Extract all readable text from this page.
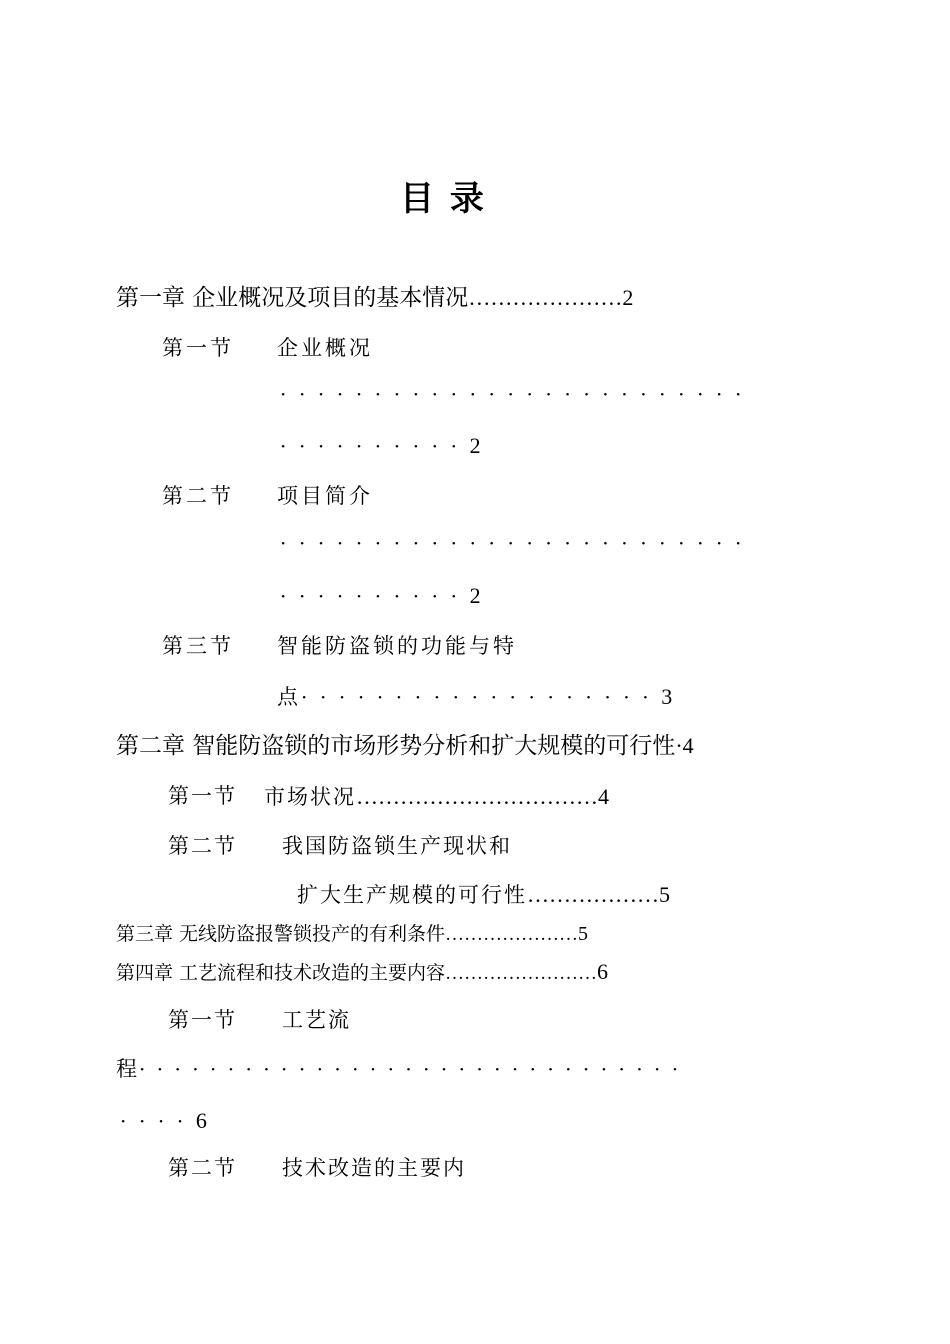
目 录
第一章 企业概况及项目的基本情况…………………2
第一节 企业概况
·························
··········2
第二节 项目简介
·························
··········2
第三节 智能防盗锁的功能与特
点···················3
第二章 智能防盗锁的市场形势分析和扩大规模的可行性·4
第一节 市场状况……………………………4
第二节 我国防盗锁生产现状和
扩大生产规模的可行性………………5
第三章 无线防盗报警锁投产的有利条件…………………5
第四章 工艺流程和技术改造的主要内容……………………6
第一节 工艺流
程·······························
····6
第二节 技术改造的主要内
